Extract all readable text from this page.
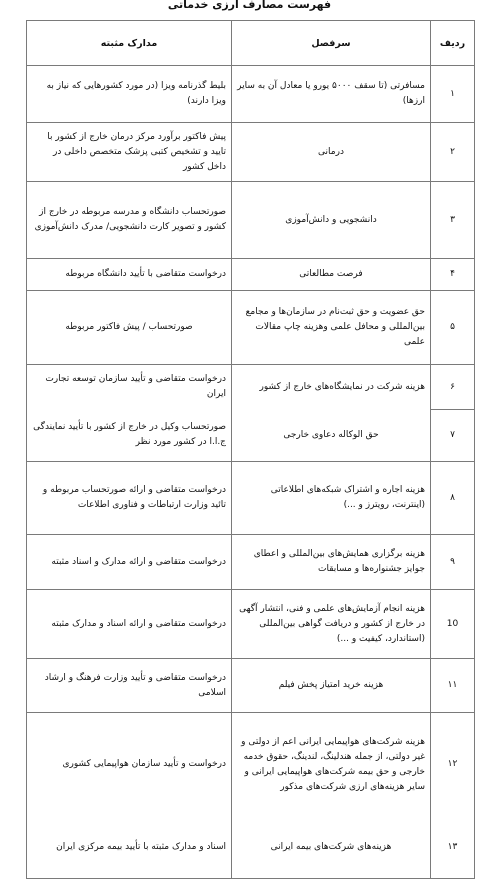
فهرست مصارف ارزی خدماتی
ردیف	سرفصل	مدارک مثبته
۱	مسافرتی (تا سقف ۵۰۰۰ یورو یا معادل آن به سایر ارزها)	بلیط گذرنامه ویزا (در مورد کشورهایی که نیاز به ویزا دارند)
۲	درمانی	پیش فاکتور برآورد مرکز درمان خارج از کشور با تایید و تشخیص کتبی پزشک متخصص داخلی در داخل کشور
۳	دانشجویی و دانش‌آموزی	صورتحساب دانشگاه و مدرسه مربوطه در خارج از کشور و تصویر کارت دانشجویی/ مدرک دانش‌آموزی
۴	فرصت مطالعاتی	درخواست متقاضی با تأیید دانشگاه مربوطه
۵	حق عضویت و حق ثبت‌نام در سازمان‌ها و مجامع بین‌المللی و محافل علمی وهزینه چاپ مقالات علمی	صورتحساب / پیش فاکتور مربوطه
۶	هزینه شرکت در نمایشگاه‌های خارج از کشور	درخواست متقاضی و تأیید سازمان توسعه تجارت ایران
۷	حق الوکاله دعاوی خارجی	صورتحساب وکیل در خارج از کشور با تأیید نمایندگی ج.ا.ا در کشور مورد نظر
۸	هزینه اجاره و اشتراک شبکه‌های اطلاعاتی (اینترنت، رویترز و ...)	درخواست متقاضی و ارائه صورتحساب مربوطه و تائید وزارت ارتباطات و فناوری اطلاعات
۹	هزینه برگزاری همایش‌های بین‌المللی و اعطای جوایز جشنواره‌ها و مسابقات	درخواست متقاضی و ارائه مدارک و اسناد مثبته
10	هزینه انجام آزمایش‌های علمی و فنی، انتشار آگهی در خارج از کشور و دریافت گواهی بین‌المللی (استاندارد، کیفیت و ...)	درخواست متقاضی و ارائه اسناد و مدارک مثبته
۱۱	هزینه خرید امتیاز پخش فیلم	درخواست متقاضی و تأیید وزارت فرهنگ و ارشاد اسلامی
۱۲	هزینه شرکت‌های هواپیمایی ایرانی اعم از دولتی و غیر دولتی، از جمله هندلینگ، لندینگ، حقوق خدمه خارجی و حق بیمه شرکت‌های هواپیمایی ایرانی و سایر هزینه‌های ارزی شرکت‌های مذکور	درخواست و تأیید سازمان هواپیمایی کشوری
۱۳	هزینه‌های شرکت‌های بیمه ایرانی	اسناد و مدارک مثبته با تأیید بیمه مرکزی ایران
